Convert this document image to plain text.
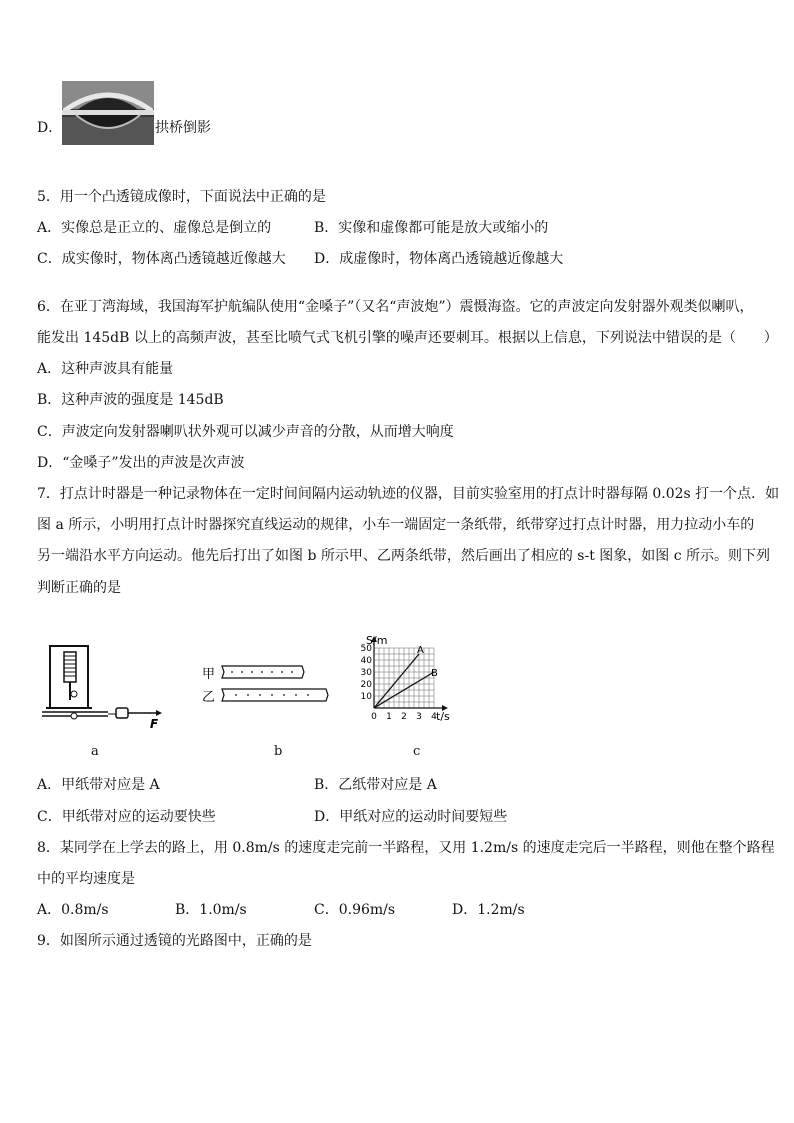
D．	拱桥倒影
5．用一个凸透镜成像时，下面说法中正确的是
A．实像总是正立的、虚像总是倒立的	B．实像和虚像都可能是放大或缩小的
C．成实像时，物体离凸透镜越近像越大 D．成虚像时，物体离凸透镜越近像越大
6．在亚丁湾海域，我国海军护航编队使用“金嗓子”（又名“声波炮”）震慑海盗。它的声波定向发射器外观类似喇叭，
能发出 145dB 以上的高频声波，甚至比喷气式飞机引擎的噪声还要刺耳。根据以上信息，下列说法中错误的是（　　）
A．这种声波具有能量
B．这种声波的强度是 145dB
C．声波定向发射器喇叭状外观可以减少声音的分散，从而增大响度
D．“金嗓子”发出的声波是次声波
7．打点计时器是一种记录物体在一定时间间隔内运动轨迹的仪器，目前实验室用的打点计时器每隔 0.02s 打一个点．如
图 a 所示，小明用打点计时器探究直线运动的规律，小车一端固定一条纸带，纸带穿过打点计时器，用力拉动小车的
另一端沿水平方向运动。他先后打出了如图 b 所示甲、乙两条纸带，然后画出了相应的 s-t 图象，如图 c 所示。则下列
判断正确的是
F
a
甲
乙
b
10
20
30
40
50
0 1 2 3 4
A
B
S/m
t/s
c
A．甲纸带对应是 A	B．乙纸带对应是 A
C．甲纸带对应的运动要快些	D．甲纸对应的运动时间要短些
8．某同学在上学去的路上，用 0.8m/s 的速度走完前一半路程，又用 1.2m/s 的速度走完后一半路程，则他在整个路程
中的平均速度是
A．0.8m/s	B．1.0m/s	C．0.96m/s	D．1.2m/s
9．如图所示通过透镜的光路图中，正确的是
